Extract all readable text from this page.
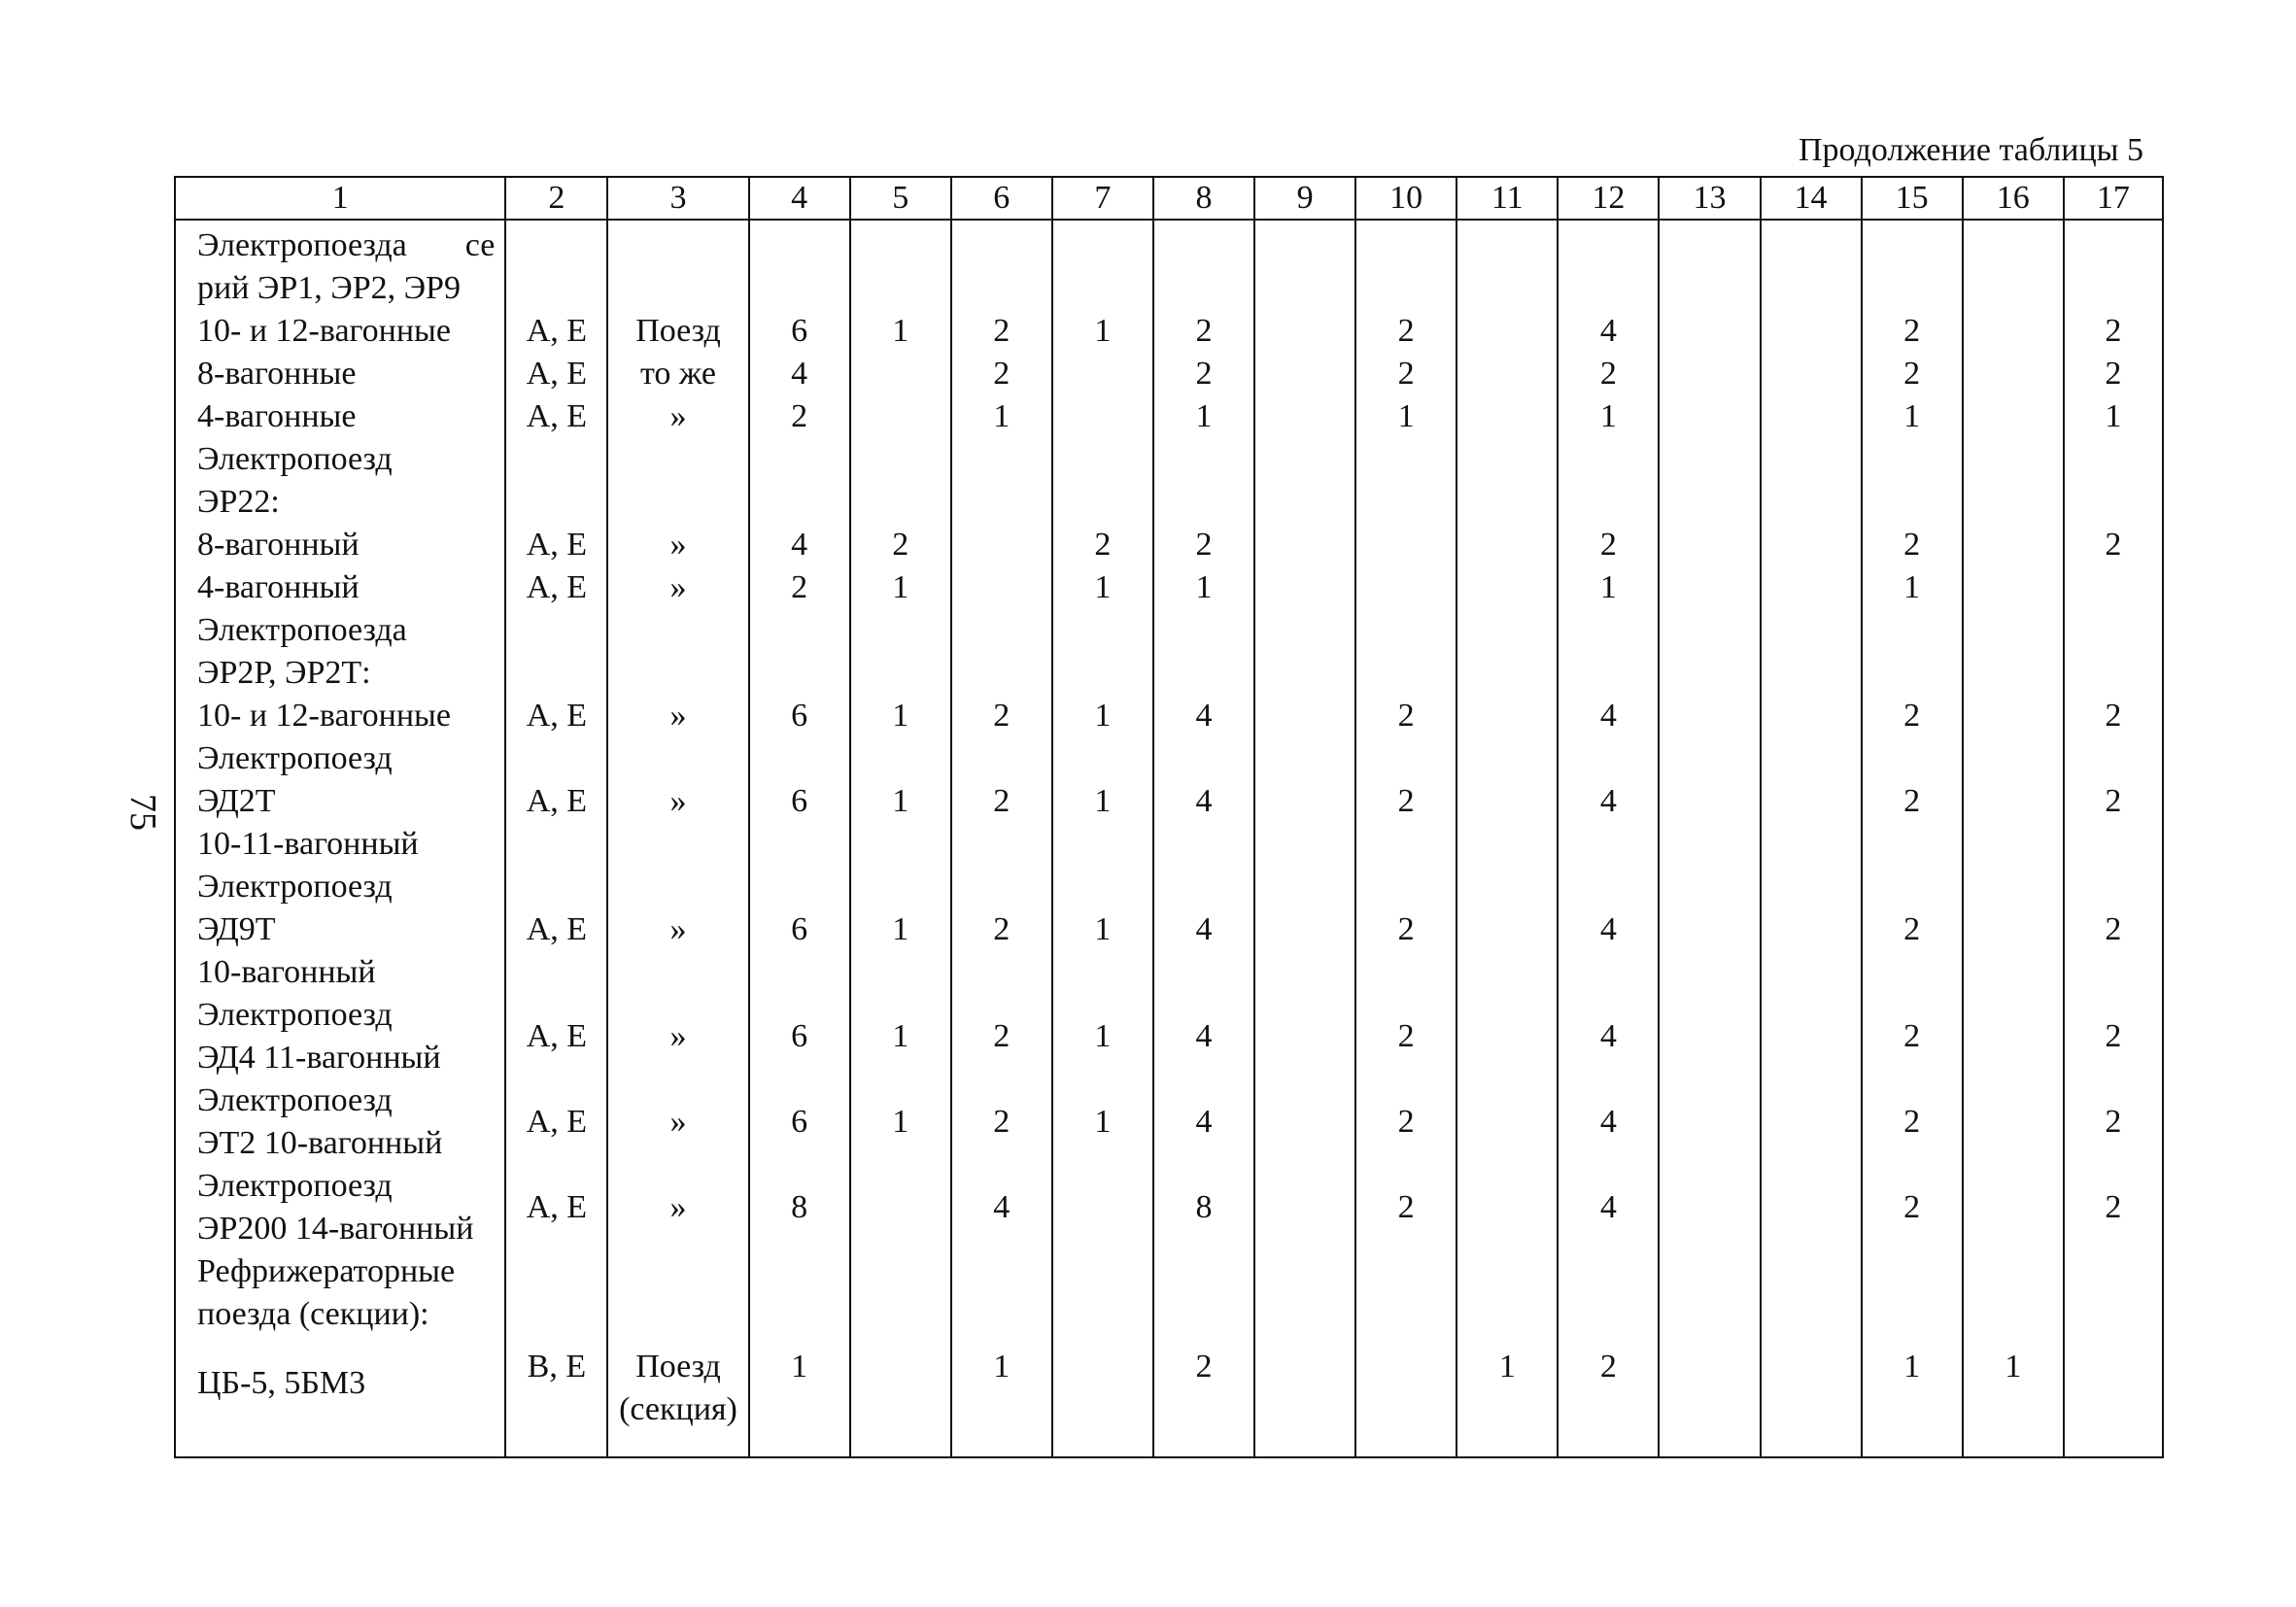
Продолжение таблицы 5
75
1	2	3	4	5	6	7	8	9	10	11	12	13	14	15	16	17

Электропоезда се
рий ЭР1, ЭР2, ЭР9																

10- и 12-вагонные	А, Е	Поезд	6	1	2	1	2		2		4			2		2

8-вагонные	А, Е	то же	4		2		2		2		2			2		2

4-вагонные	А, Е	»	2		1		1		1		1			1		1

Электропоезд
ЭР22:																

8-вагонный	А, Е	»	4	2		2	2				2			2		2

4-вагонный	А, Е	»	2	1		1	1				1			1		

Электропоезда
ЭР2Р, ЭР2Т:																

10- и 12-вагонные	А, Е	»	6	1	2	1	4		2		4			2		2

Электропоезд
ЭД2Т
10-11-вагонный	А, Е	»	6	1	2	1	4		2		4			2		2

Электропоезд
ЭД9Т
10-вагонный	А, Е	»	6	1	2	1	4		2		4			2		2

Электропоезд
ЭД4 11-вагонный	А, Е	»	6	1	2	1	4		2		4			2		2

Электропоезд
ЭТ2 10-вагонный	А, Е	»	6	1	2	1	4		2		4			2		2

Электропоезд
ЭР200 14-вагонный	А, Е	»	8		4		8		2		4			2		2

Рефрижераторные
поезда (секции):																

ЦБ-5, 5БМ3	В, Е	Поезд (секция)	1		1		2			1	2			1	1	
